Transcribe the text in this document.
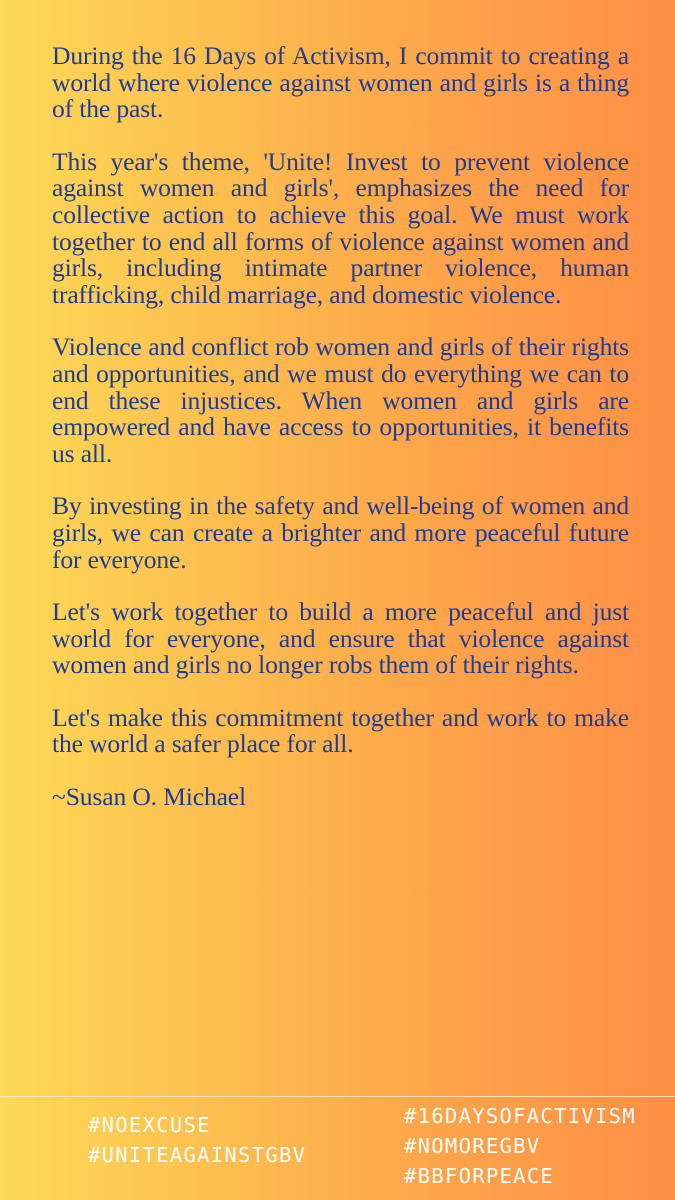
During the 16 Days of Activism, I commit to creating a world where violence against women and girls is a thing of the past.

This year's theme, 'Unite! Invest to prevent violence against women and girls', emphasizes the need for collective action to achieve this goal. We must work together to end all forms of violence against women and girls, including intimate partner violence, human trafficking, child marriage, and domestic violence.

Violence and conflict rob women and girls of their rights and opportunities, and we must do everything we can to end these injustices. When women and girls are empowered and have access to opportunities, it benefits us all.

By investing in the safety and well-being of women and girls, we can create a brighter and more peaceful future for everyone.

Let's work together to build a more peaceful and just world for everyone, and ensure that violence against women and girls no longer robs them of their rights.

Let's make this commitment together and work to make the world a safer place for all.

~Susan O. Michael

#NOEXCUSE
#UNITEAGAINSTGBV
#16DAYSOFACTIVISM
#NOMOREGBV
#BBFORPEACE
